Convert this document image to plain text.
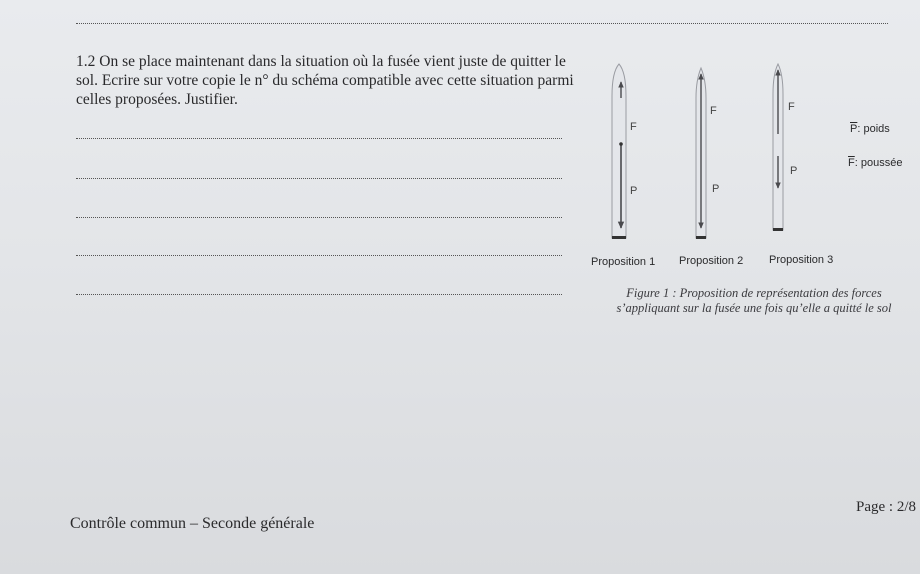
1.2 On se place maintenant dans la situation où la fusée vient juste de quitter le sol. Ecrire sur votre copie le n° du schéma compatible avec cette situation parmi celles proposées. Justifier.

F
P
F
P
F
P
$\overline{P}$: poids
$\overline{F}$: poussée
Proposition 1 Proposition 2 Proposition 3
Figure 1 : Proposition de représentation des forces s’appliquant sur la fusée une fois qu’elle a quitté le sol
Contrôle commun – Seconde générale
Page : 2/8
